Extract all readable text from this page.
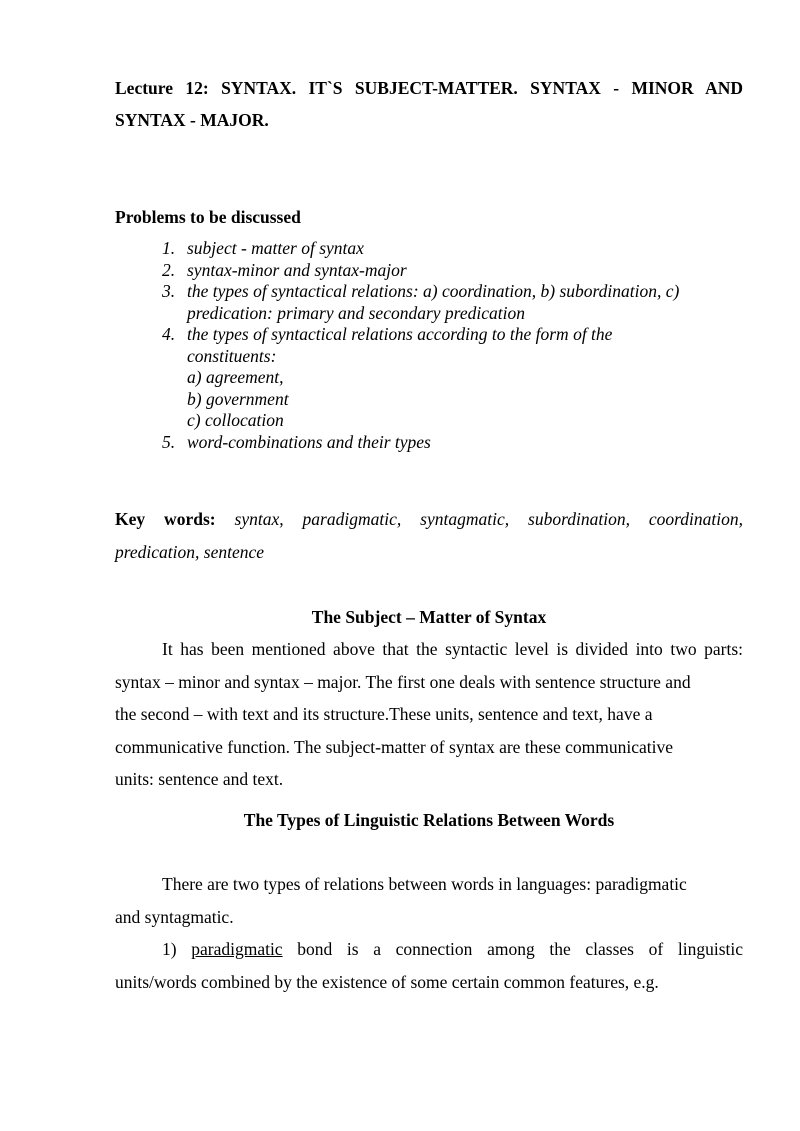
Lecture 12: SYNTAX. IT`S SUBJECT-MATTER. SYNTAX - MINOR AND
SYNTAX - MAJOR.
Problems to be discussed
1. subject - matter of syntax
2. syntax-minor and syntax-major
3. the types of syntactical relations: a) coordination, b) subordination, c)
predication: primary and secondary predication
4. the types of syntactical relations according to the form of the
constituents:
a) agreement,
b) government
c) collocation
5. word-combinations and their types
Key words: syntax, paradigmatic, syntagmatic, subordination, coordination,
predication, sentence
The Subject – Matter of Syntax
It has been mentioned above that the syntactic level is divided into two parts:
syntax – minor and syntax – major. The first one deals with sentence structure and
the second – with text and its structure.These units, sentence and text, have a
communicative function. The subject-matter of syntax are these communicative
units: sentence and text.
The Types of Linguistic Relations Between Words
There are two types of relations between words in languages: paradigmatic
and syntagmatic.
1) paradigmatic bond is a connection among the classes of linguistic
units/words combined by the existence of some certain common features, e.g.
